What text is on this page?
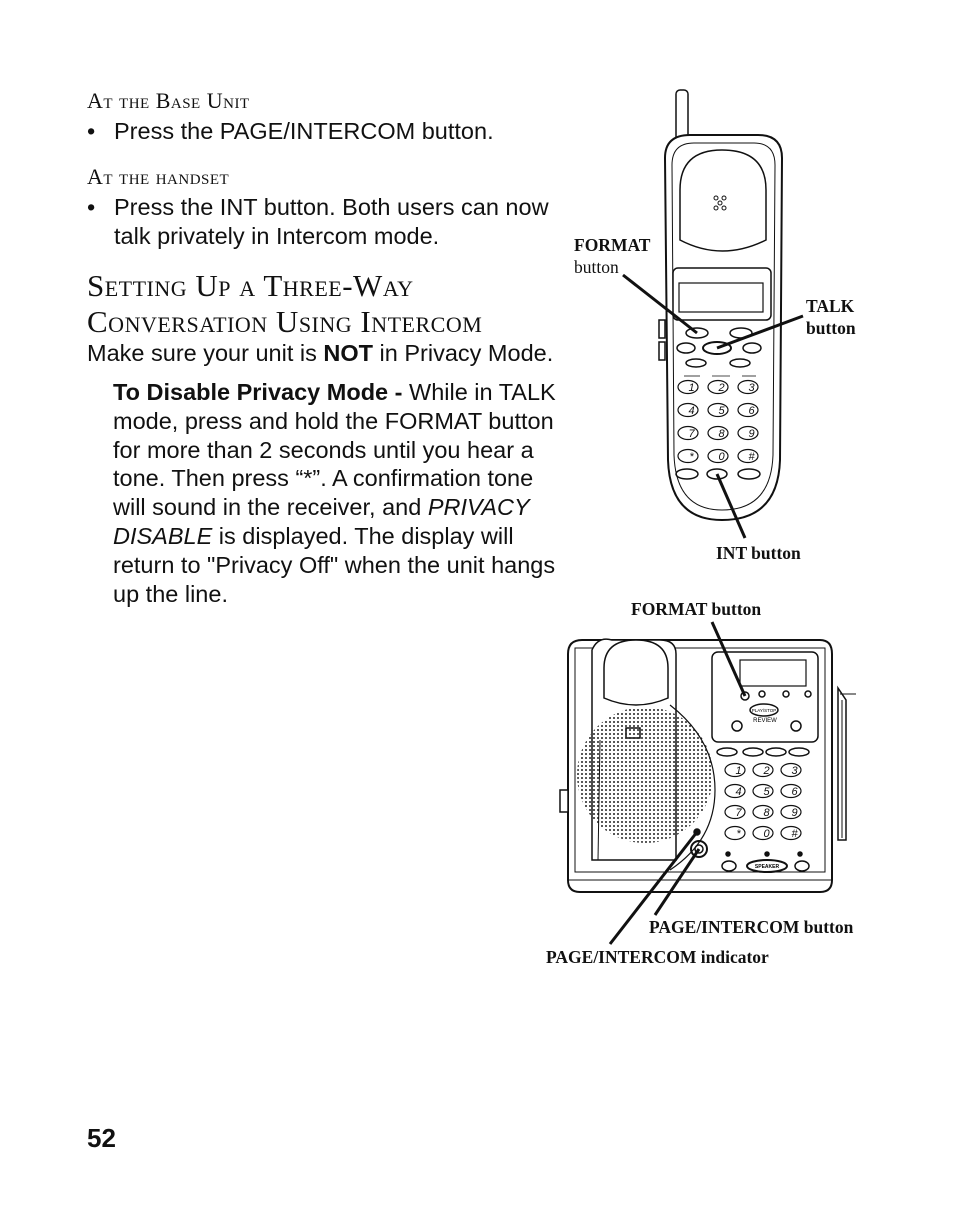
At the Base Unit
• Press the PAGE/INTERCOM button.
At the handset
• Press the INT button. Both users can now talk privately in Intercom mode.
Setting Up a Three-Way
Conversation Using Intercom
Make sure your unit is NOT in Privacy Mode.
To Disable Privacy Mode - While in TALK mode, press and hold the FORMAT button for more than 2 seconds until you hear a tone. Then press “*”. A confirmation tone will sound in the receiver, and PRIVACY DISABLE is displayed. The display will return to "Privacy Off" when the unit hangs up the line.
52
1 2 3
4 5 6
7 8 9
* 0 #
1 2 3
4 5 6
7 8 9
* 0 #
PLAY/STOP
REVIEW
SPEAKER
FORMAT
button
TALK
button
INT button
FORMAT button
PAGE/INTERCOM button
PAGE/INTERCOM indicator
